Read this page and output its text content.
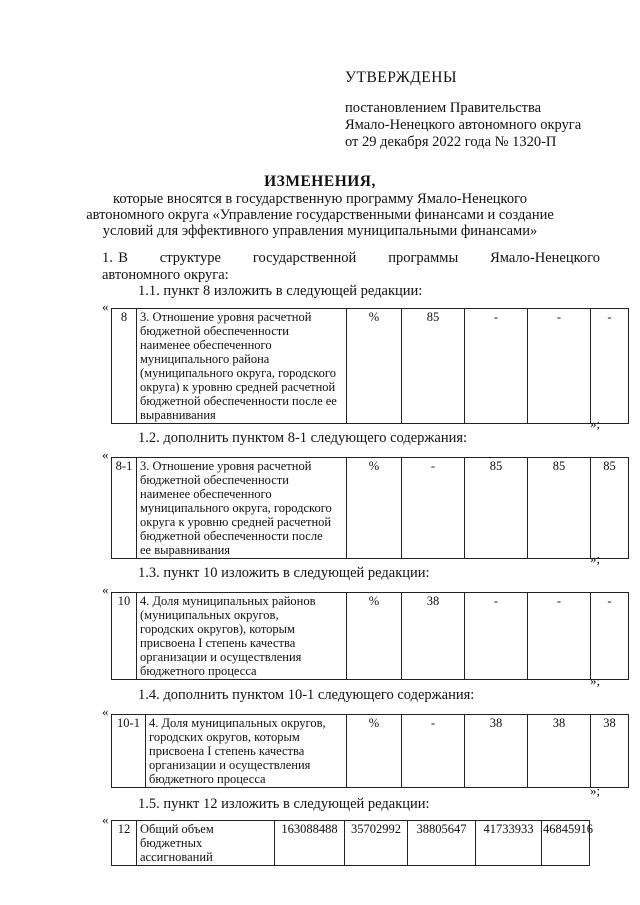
УТВЕРЖДЕНЫ
постановлением Правительства
Ямало-Ненецкого автономного округа
от 29 декабря 2022 года № 1320-П
ИЗМЕНЕНИЯ,
которые вносятся в государственную программу Ямало-Ненецкого
автономного округа «Управление государственными финансами и создание
условий для эффективного управления муниципальными финансами»
1. В      структуре      государственной      программы      Ямало-Ненецкого
автономного округа:
1.1. пункт 8 изложить в следующей редакции:
«
8	3. Отношение уровня расчетной
бюджетной обеспеченности
наименее обеспеченного
муниципального района
(муниципального округа, городского
округа) к уровню средней расчетной
бюджетной обеспеченности после ее
выравнивания	%	85	-	-	-
»;
1.2. дополнить пунктом 8-1 следующего содержания:
«
8-1	3. Отношение уровня расчетной
бюджетной обеспеченности
наименее обеспеченного
муниципального округа, городского
округа к уровню средней расчетной
бюджетной обеспеченности после
ее выравнивания	%	-	85	85	85
»;
1.3. пункт 10 изложить в следующей редакции:
«
10	4. Доля муниципальных районов
(муниципальных округов,
городских округов), которым
присвоена I степень качества
организации и осуществления
бюджетного процесса	%	38	-	-	-
»;
1.4. дополнить пунктом 10-1 следующего содержания:
«
10-1	4. Доля муниципальных округов,
городских округов, которым
присвоена I степень качества
организации и осуществления
бюджетного процесса	%	-	38	38	38
»;
1.5. пункт 12 изложить в следующей редакции:
«
12	Общий объем
бюджетных
ассигнований	163088488	35702992	38805647	41733933	46845916
